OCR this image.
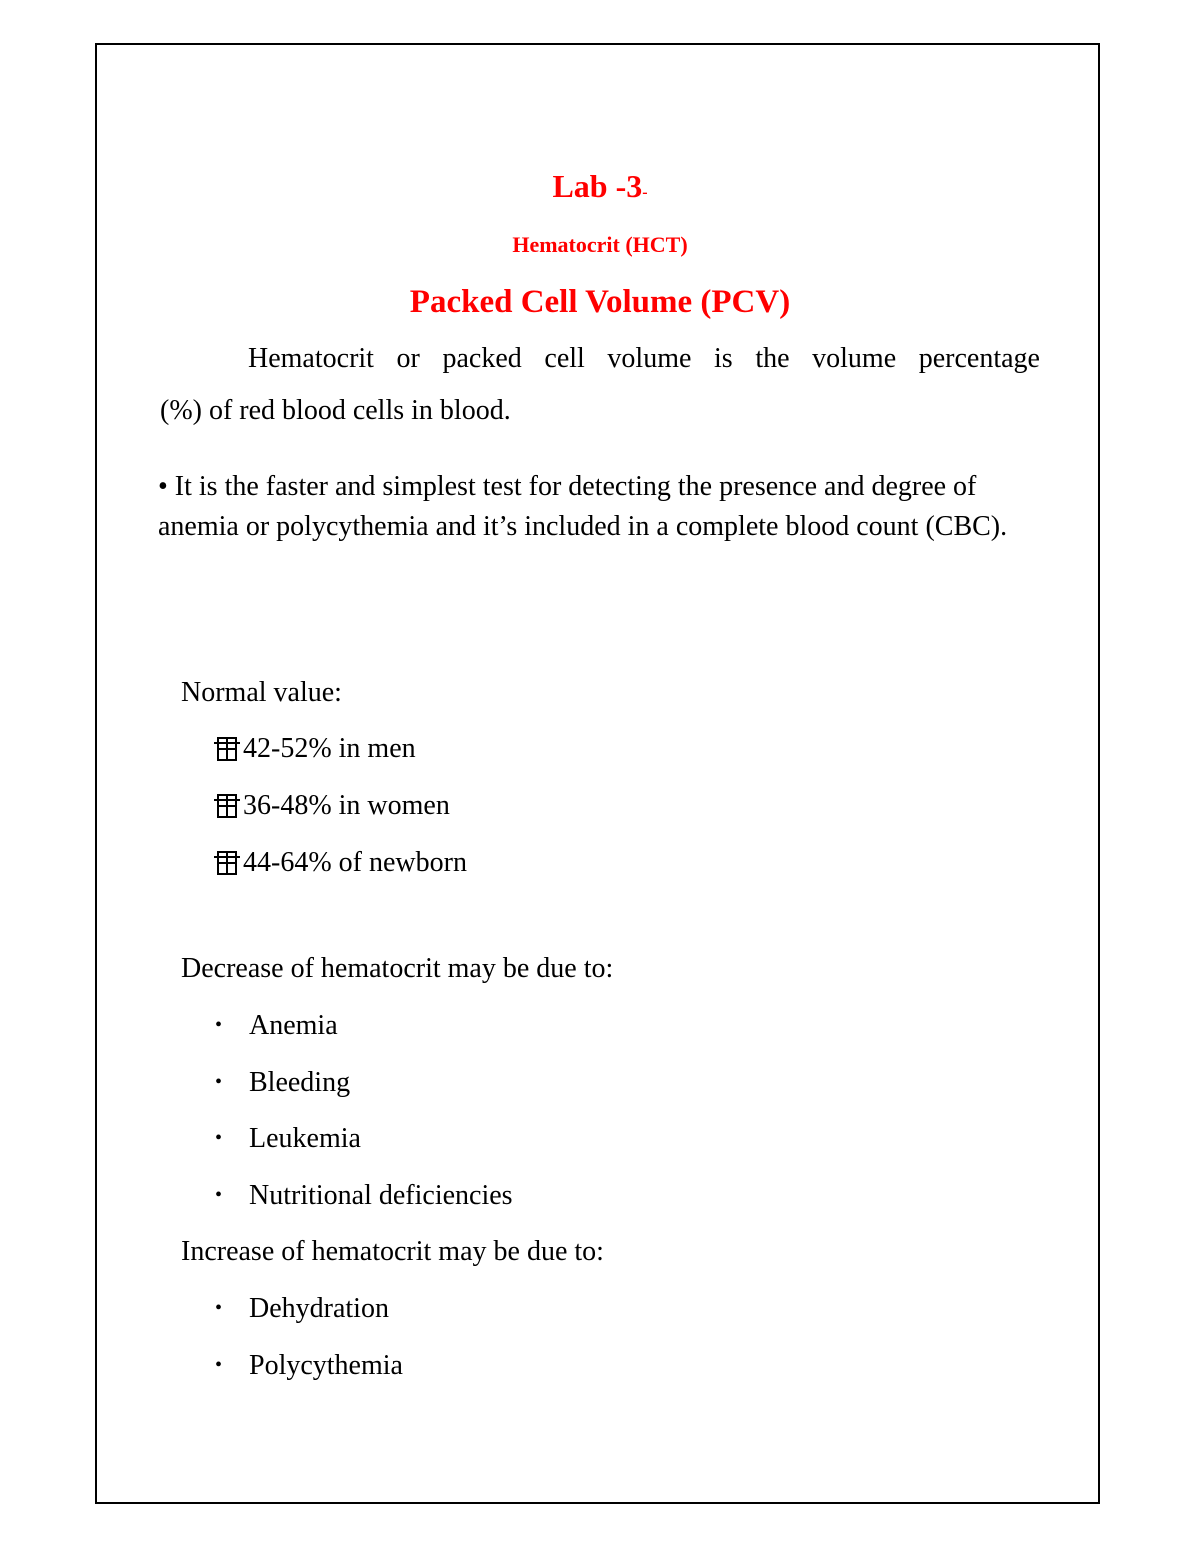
Lab -3-
Hematocrit (HCT)
Packed Cell Volume (PCV)
Hematocrit or packed cell volume is the volume percentage
(%) of red blood cells in blood.
• It is the faster and simplest test for detecting the presence and degree of anemia or polycythemia and it’s included in a complete blood count (CBC).
Normal value:
42-52% in men
36-48% in women
44-64% of newborn
Decrease of hematocrit may be due to:
• Anemia
• Bleeding
• Leukemia
• Nutritional deficiencies
Increase of hematocrit may be due to:
• Dehydration
• Polycythemia
